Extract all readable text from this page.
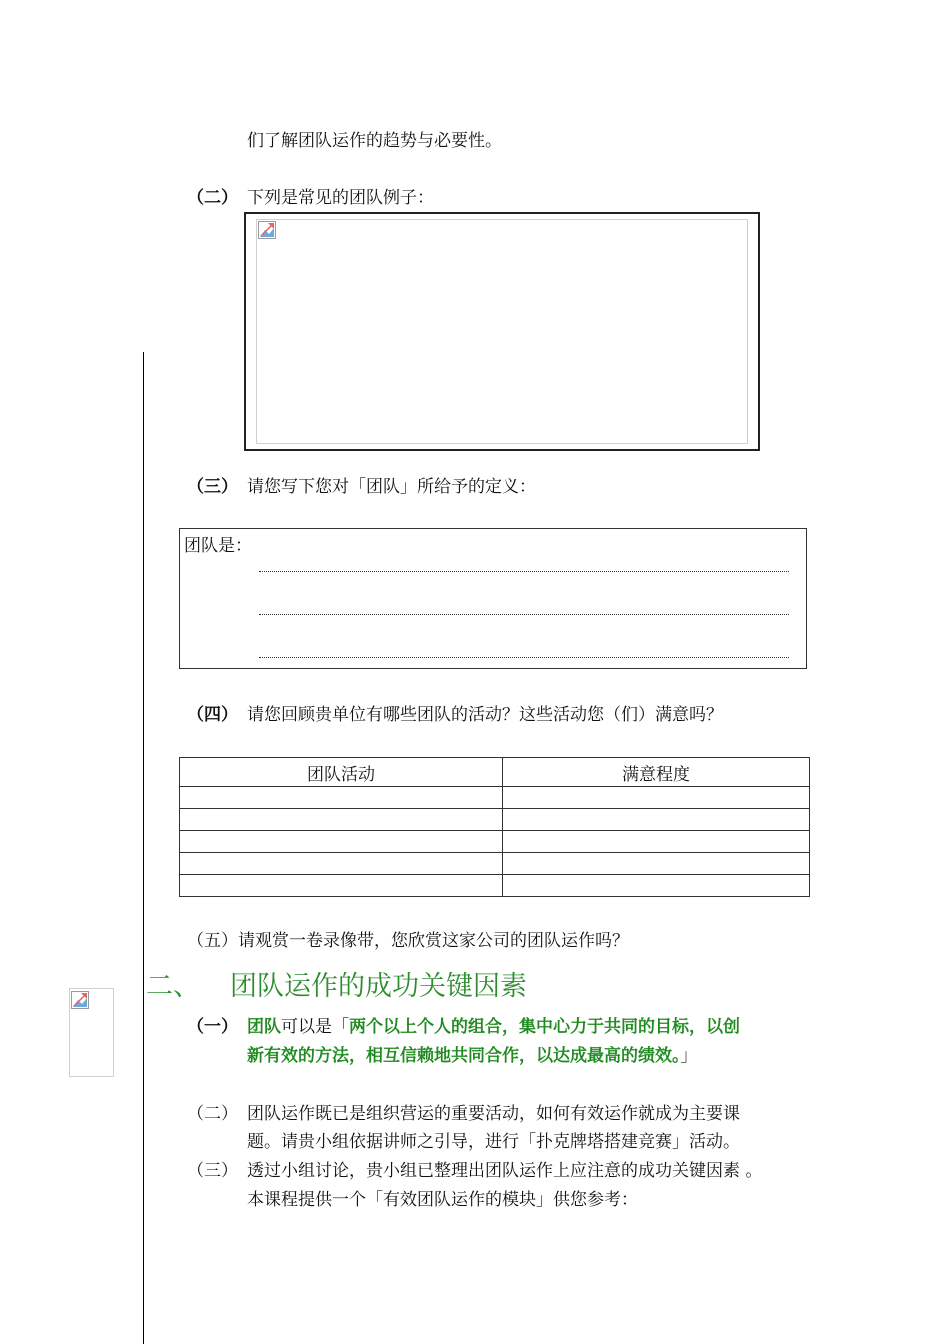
们了解团队运作的趋势与必要性。
（二） 下列是常见的团队例子：
（三） 请您写下您对「团队」所给予的定义：
团队是：
（四） 请您回顾贵单位有哪些团队的活动？这些活动您（们）满意吗？
团队活动	满意程度

（五）请观赏一卷录像带，您欣赏这家公司的团队运作吗？
二、 团队运作的成功关键因素
（一） 团队可以是「两个以上个人的组合，集中心力于共同的目标，以创
新有效的方法，相互信赖地共同合作，以达成最高的绩效。」
（二） 团队运作既已是组织营运的重要活动，如何有效运作就成为主要课
题。请贵小组依据讲师之引导，进行「扑克牌塔搭建竞赛」活动。
（三） 透过小组讨论，贵小组已整理出团队运作上应注意的成功关键因素 。
本课程提供一个「有效团队运作的模块」供您参考：
